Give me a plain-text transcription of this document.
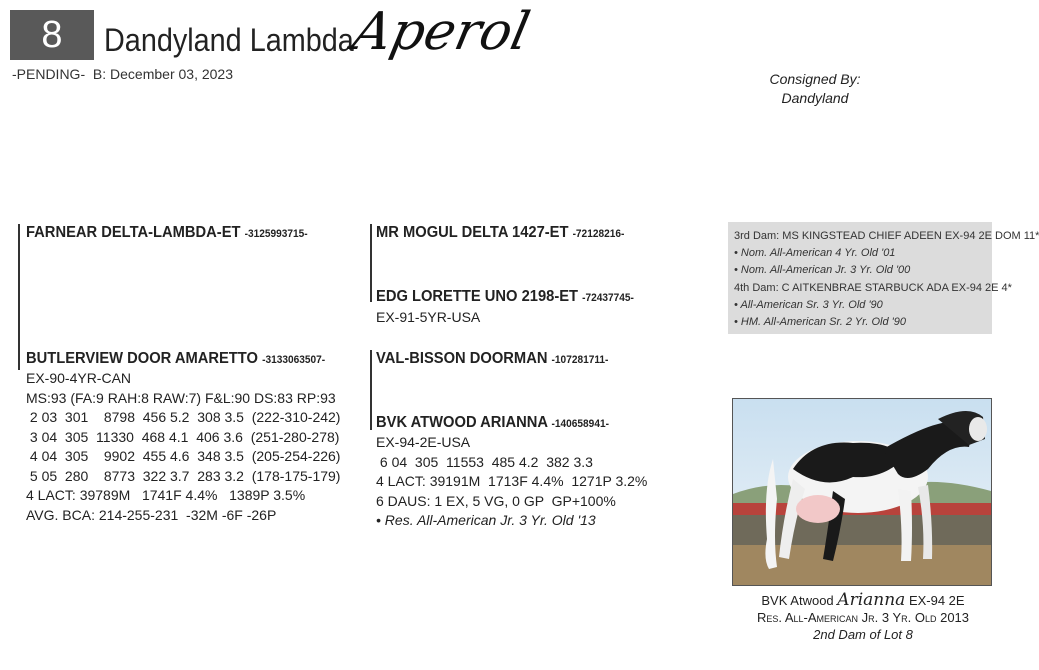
8	Dandyland Lambda
Aperol
-PENDING- B: December 03, 2023	Consigned By:
Dandyland
FARNEAR DELTA-LAMBDA-ET -3125993715-	MR MOGUL DELTA 1427-ET -72128216-
EDG LORETTE UNO 2198-ET -72437745-
EX-91-5YR-USA
BUTLERVIEW DOOR AMARETTO -3133063507-
EX-90-4YR-CAN
MS:93 (FA:9 RAH:8 RAW:7) F&L:90 DS:83 RP:93
2 03  301    8798  456 5.2  308 3.5  (222-310-242)
3 04  305  11330  468 4.1  406 3.6  (251-280-278)
4 04  305    9902  455 4.6  348 3.5  (205-254-226)
5 05  280    8773  322 3.7  283 3.2  (178-175-179)
4 LACT: 39789M   1741F 4.4%   1389P 3.5%
AVG. BCA: 214-255-231  -32M -6F -26P
VAL-BISSON DOORMAN -107281711-
BVK ATWOOD ARIANNA -140658941-
EX-94-2E-USA
6 04  305  11553  485 4.2  382 3.3
4 LACT: 39191M  1713F 4.4%  1271P 3.2%
6 DAUS: 1 EX, 5 VG, 0 GP  GP+100%
• Res. All-American Jr. 3 Yr. Old '13
3rd Dam: MS KINGSTEAD CHIEF ADEEN EX-94 2E DOM 11*
• Nom. All-American 4 Yr. Old '01
• Nom. All-American Jr. 3 Yr. Old '00
4th Dam: C AITKENBRAE STARBUCK ADA EX-94 2E 4*
• All-American Sr. 3 Yr. Old '90
• HM. All-American Sr. 2 Yr. Old '90
BVK Atwood Arianna EX-94 2E
Res. All-American Jr. 3 Yr. Old 2013
2nd Dam of Lot 8
